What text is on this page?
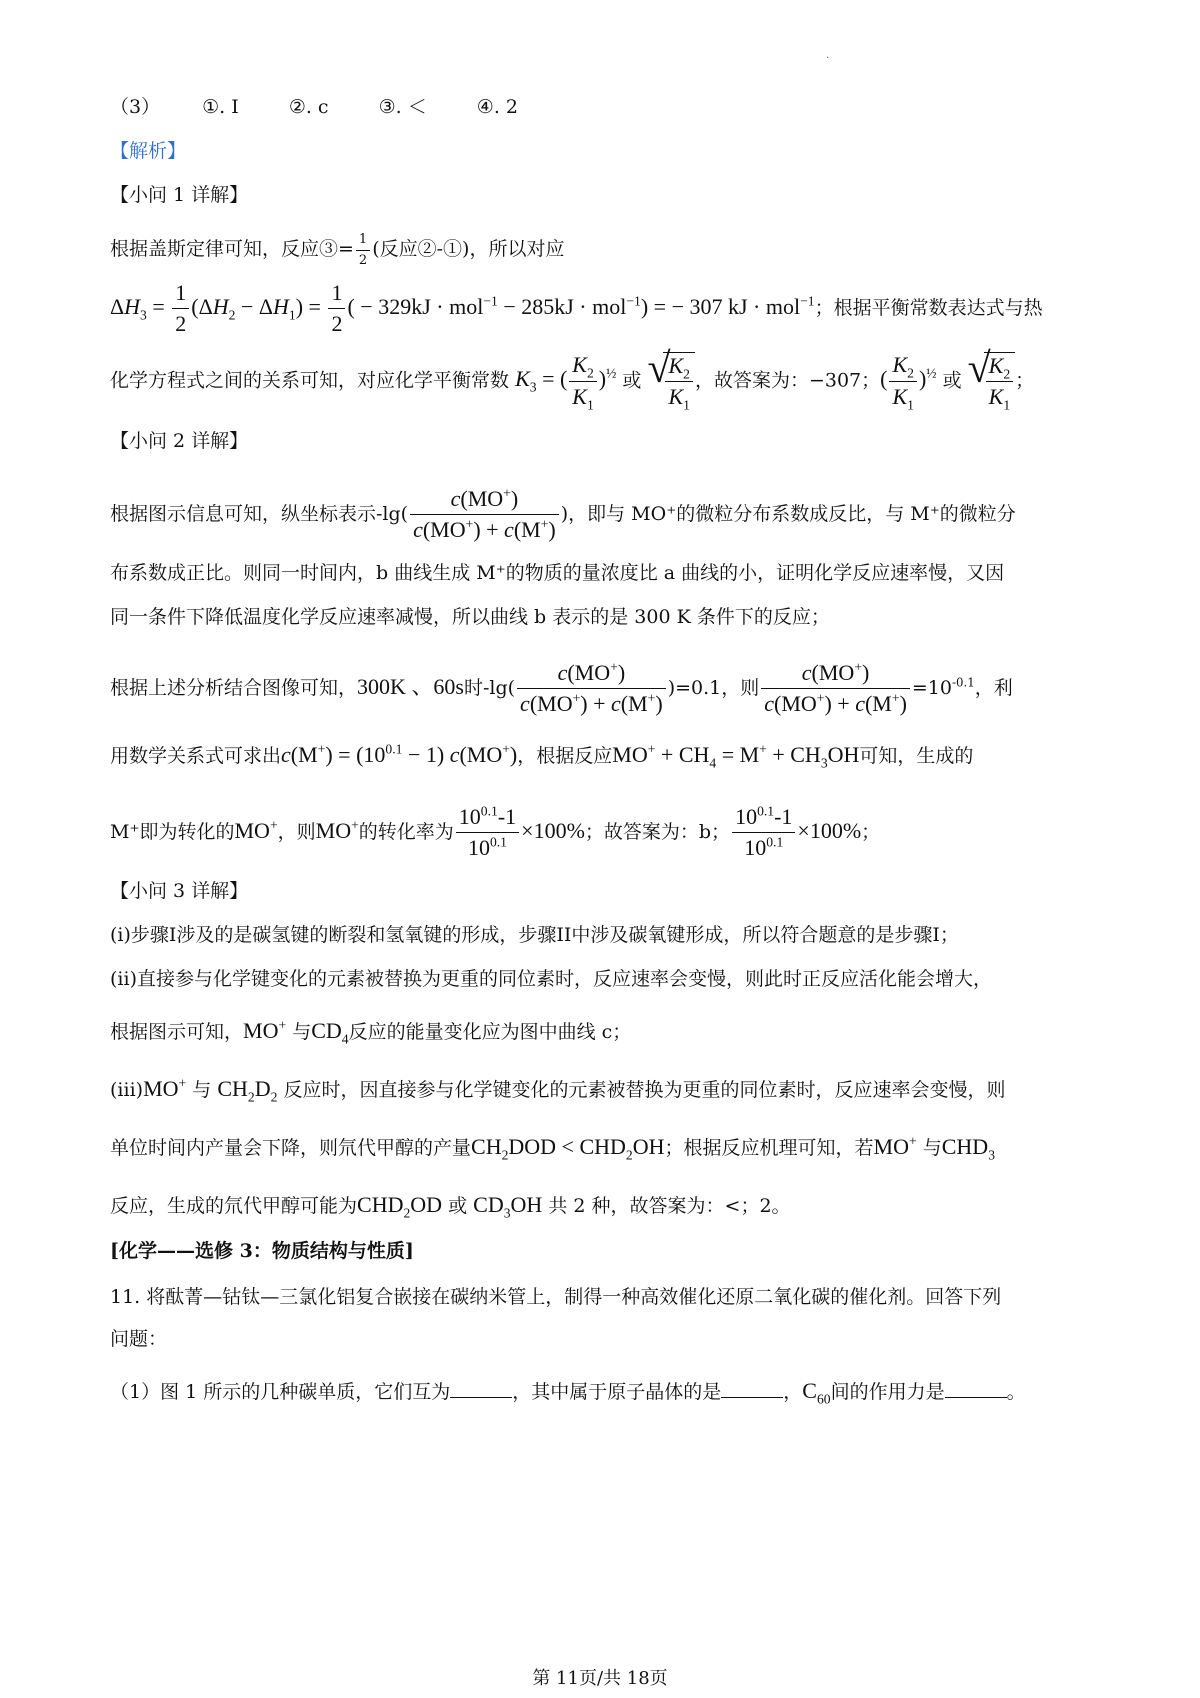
.
（3） ①. I	②. c	③. ＜	④. 2
【解析】
【小问 1 详解】
根据盖斯定律可知，反应③= $\frac{1}{2}$ (反应②-①)，所以对应
$\Delta H_3 = \frac{1}{2} (\Delta H_2 - \Delta H_1) = \frac{1}{2}$ ( − 329kJ · mol$^{-1}$ − 285kJ · mol$^{-1}$) = − 307 kJ · mol$^{-1}$；根据平衡常数表达式与热
化学方程式之间的关系可知，对应化学平衡常数 $K_3$ = ( $\frac{K_2}{K_1} )^{\frac{1}{2}}$ 或 √
$\frac{K_2}{K_1}$ ，故答案为：−307；( $\frac{K_2}{K_1} )^{\frac{1}{2}}$ 或 √
$\frac{K_2}{K_1}$ ；
【小问 2 详解】
根据图示信息可知，纵坐标表示$-\lg( \frac{c(MO^+)}{c(MO^+) + c(M^+)}$ )，即与 MO⁺的微粒分布系数成反比，与 M⁺的微粒分
布系数成正比。则同一时间内，b 曲线生成 M⁺的物质的量浓度比 a 曲线的小，证明化学反应速率慢，又因
同一条件下降低温度化学反应速率减慢，所以曲线 b 表示的是 300 K 条件下的反应；
根据上述分析结合图像可知，300K 、60s时$-\lg( \frac{c(MO^+)}{c(MO^+) + c(M^+)} )=0.1$，则 $\frac{c(MO^+)}{c(MO^+) + c(M^+)} =10^{-0.1}$，利
用数学关系式可求出$c(M^+) = (10^{0.1} - 1)$ c(MO+)，根据反应$MO^+ + CH_4 = M^+ + CH_3OH$可知，生成的
M⁺即为转化的MO+，则MO+的转化率为 $\frac{10^{0.1}-1}{10^{0.1}} \times 100\%$；故答案为：b； $\frac{10^{0.1}-1}{10^{0.1}} \times 100\%$；
【小问 3 详解】
(i)步骤I涉及的是碳氢键的断裂和氢氧键的形成，步骤II中涉及碳氧键形成，所以符合题意的是步骤I；
(ii)直接参与化学键变化的元素被替换为更重的同位素时，反应速率会变慢，则此时正反应活化能会增大，
根据图示可知，MO+ 与$CD_4$反应的能量变化应为图中曲线 c；
(iii)MO+ 与 $CH_2D_2$ 反应时，因直接参与化学键变化的元素被替换为更重的同位素时，反应速率会变慢，则
单位时间内产量会下降，则氘代甲醇的产量$CH_2DOD < CHD_2OH$；根据反应机理可知，若MO+ 与$CHD_3$
反应，生成的氘代甲醇可能为$CHD_2OD$ 或 $CD_3OH$ 共 2 种，故答案为：<；2。
[化学——选修 3：物质结构与性质]
11. 将酞菁—钴钛—三氯化铝复合嵌接在碳纳米管上，制得一种高效催化还原二氧化碳的催化剂。回答下列
问题：
（1）图 1 所示的几种碳单质，它们互为	，其中属于原子晶体的是	，$C_{60}$间的作用力是	。
第 11页/共 18页
